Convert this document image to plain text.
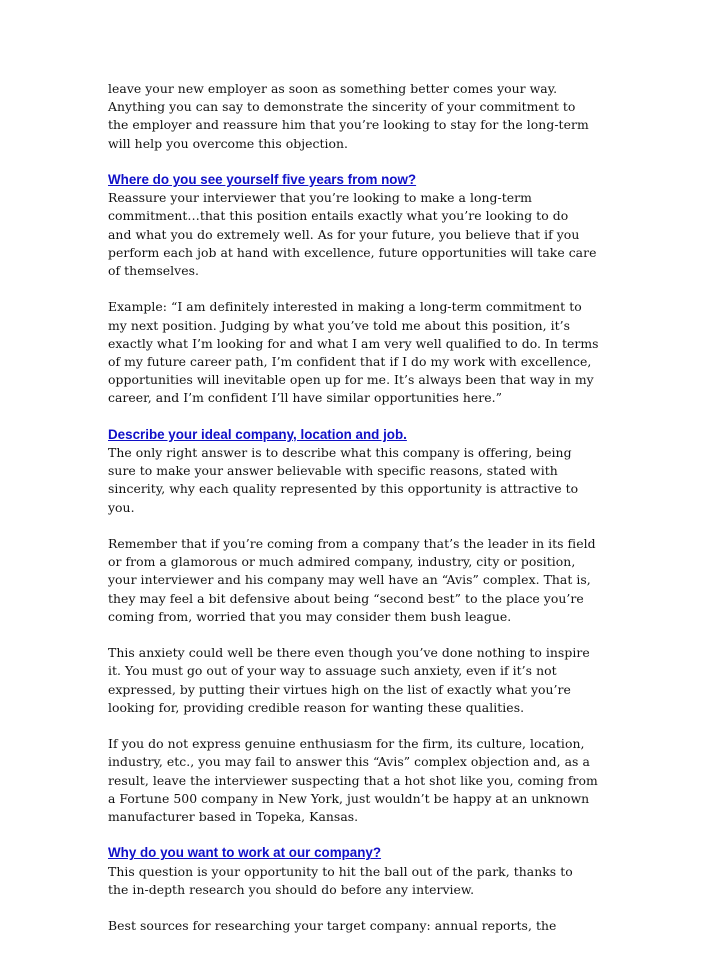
leave your new employer as soon as something better comes your way.
Anything you can say to demonstrate the sincerity of your commitment to
the employer and reassure him that you’re looking to stay for the long-term
will help you overcome this objection.

Where do you see yourself five years from now?

Reassure your interviewer that you’re looking to make a long-term
commitment…that this position entails exactly what you’re looking to do
and what you do extremely well. As for your future, you believe that if you
perform each job at hand with excellence, future opportunities will take care
of themselves.

Example: “I am definitely interested in making a long-term commitment to
my next position. Judging by what you’ve told me about this position, it’s
exactly what I’m looking for and what I am very well qualified to do. In terms
of my future career path, I’m confident that if I do my work with excellence,
opportunities will inevitable open up for me. It’s always been that way in my
career, and I’m confident I’ll have similar opportunities here.”

Describe your ideal company, location and job.

The only right answer is to describe what this company is offering, being
sure to make your answer believable with specific reasons, stated with
sincerity, why each quality represented by this opportunity is attractive to
you.

Remember that if you’re coming from a company that’s the leader in its field
or from a glamorous or much admired company, industry, city or position,
your interviewer and his company may well have an “Avis” complex. That is,
they may feel a bit defensive about being “second best” to the place you’re
coming from, worried that you may consider them bush league.

This anxiety could well be there even though you’ve done nothing to inspire
it. You must go out of your way to assuage such anxiety, even if it’s not
expressed, by putting their virtues high on the list of exactly what you’re
looking for, providing credible reason for wanting these qualities.

If you do not express genuine enthusiasm for the firm, its culture, location,
industry, etc., you may fail to answer this “Avis” complex objection and, as a
result, leave the interviewer suspecting that a hot shot like you, coming from
a Fortune 500 company in New York, just wouldn’t be happy at an unknown
manufacturer based in Topeka, Kansas.

Why do you want to work at our company?

This question is your opportunity to hit the ball out of the park, thanks to
the in-depth research you should do before any interview.

Best sources for researching your target company: annual reports, the
